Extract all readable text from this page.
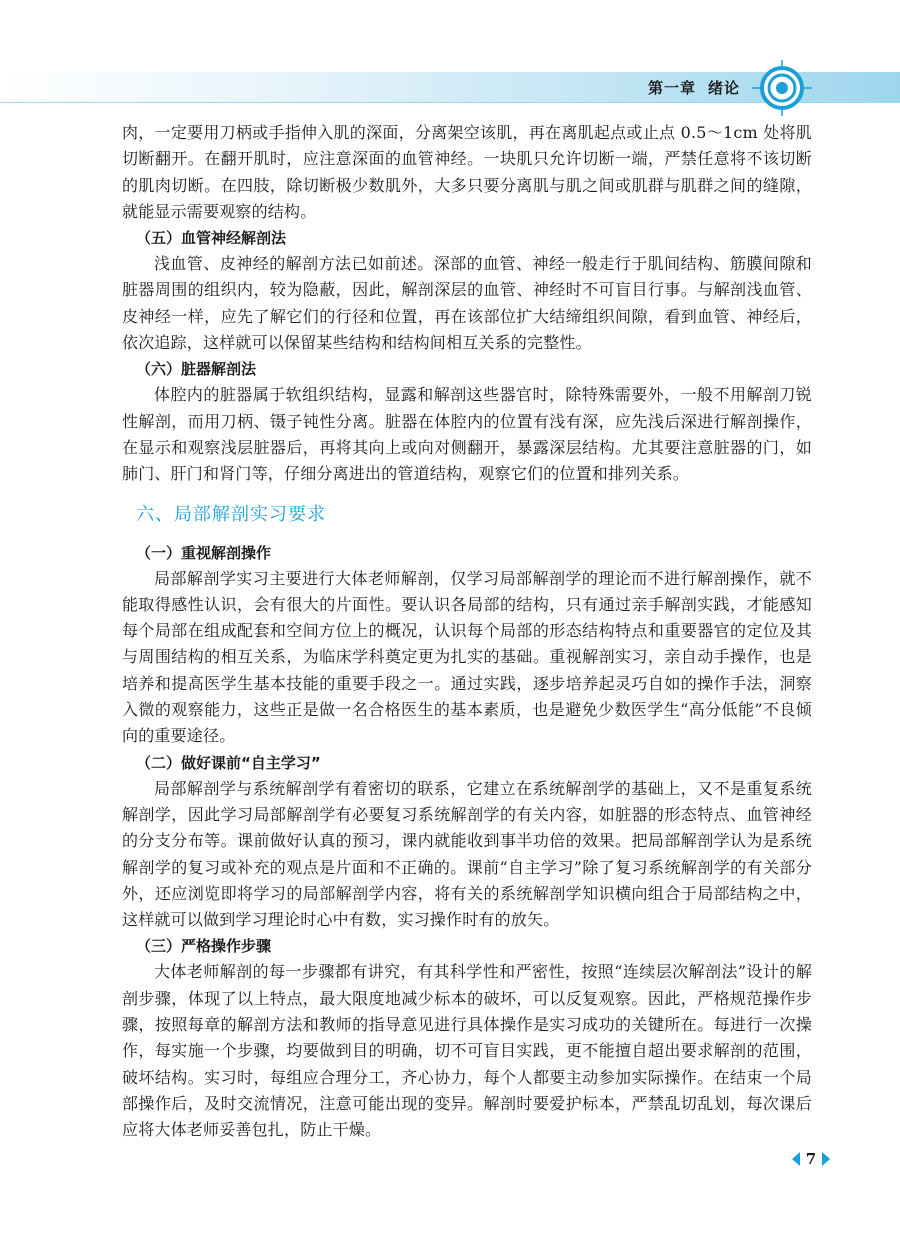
第一章 绪论

肉，一定要用刀柄或手指伸入肌的深面，分离架空该肌，再在离肌起点或止点 0.5～1cm 处将肌切断翻开。在翻开肌时，应注意深面的血管神经。一块肌只允许切断一端，严禁任意将不该切断的肌肉切断。在四肢，除切断极少数肌外，大多只要分离肌与肌之间或肌群与肌群之间的缝隙，就能显示需要观察的结构。

（五）血管神经解剖法

浅血管、皮神经的解剖方法已如前述。深部的血管、神经一般走行于肌间结构、筋膜间隙和脏器周围的组织内，较为隐蔽，因此，解剖深层的血管、神经时不可盲目行事。与解剖浅血管、皮神经一样，应先了解它们的行径和位置，再在该部位扩大结缔组织间隙，看到血管、神经后，依次追踪，这样就可以保留某些结构和结构间相互关系的完整性。

（六）脏器解剖法

体腔内的脏器属于软组织结构，显露和解剖这些器官时，除特殊需要外，一般不用解剖刀锐性解剖，而用刀柄、镊子钝性分离。脏器在体腔内的位置有浅有深，应先浅后深进行解剖操作，在显示和观察浅层脏器后，再将其向上或向对侧翻开，暴露深层结构。尤其要注意脏器的门，如肺门、肝门和肾门等，仔细分离进出的管道结构，观察它们的位置和排列关系。

六、局部解剖实习要求

（一）重视解剖操作

局部解剖学实习主要进行大体老师解剖，仅学习局部解剖学的理论而不进行解剖操作，就不能取得感性认识，会有很大的片面性。要认识各局部的结构，只有通过亲手解剖实践，才能感知每个局部在组成配套和空间方位上的概况，认识每个局部的形态结构特点和重要器官的定位及其与周围结构的相互关系，为临床学科奠定更为扎实的基础。重视解剖实习，亲自动手操作，也是培养和提高医学生基本技能的重要手段之一。通过实践，逐步培养起灵巧自如的操作手法，洞察入微的观察能力，这些正是做一名合格医生的基本素质，也是避免少数医学生“高分低能”不良倾向的重要途径。

（二）做好课前“自主学习”

局部解剖学与系统解剖学有着密切的联系，它建立在系统解剖学的基础上，又不是重复系统解剖学，因此学习局部解剖学有必要复习系统解剖学的有关内容，如脏器的形态特点、血管神经的分支分布等。课前做好认真的预习，课内就能收到事半功倍的效果。把局部解剖学认为是系统解剖学的复习或补充的观点是片面和不正确的。课前“自主学习”除了复习系统解剖学的有关部分外，还应浏览即将学习的局部解剖学内容，将有关的系统解剖学知识横向组合于局部结构之中，这样就可以做到学习理论时心中有数，实习操作时有的放矢。

（三）严格操作步骤

大体老师解剖的每一步骤都有讲究，有其科学性和严密性，按照“连续层次解剖法”设计的解剖步骤，体现了以上特点，最大限度地减少标本的破坏，可以反复观察。因此，严格规范操作步骤，按照每章的解剖方法和教师的指导意见进行具体操作是实习成功的关键所在。每进行一次操作，每实施一个步骤，均要做到目的明确，切不可盲目实践，更不能擅自超出要求解剖的范围，破坏结构。实习时，每组应合理分工，齐心协力，每个人都要主动参加实际操作。在结束一个局部操作后，及时交流情况，注意可能出现的变异。解剖时要爱护标本，严禁乱切乱划，每次课后应将大体老师妥善包扎，防止干燥。

7
